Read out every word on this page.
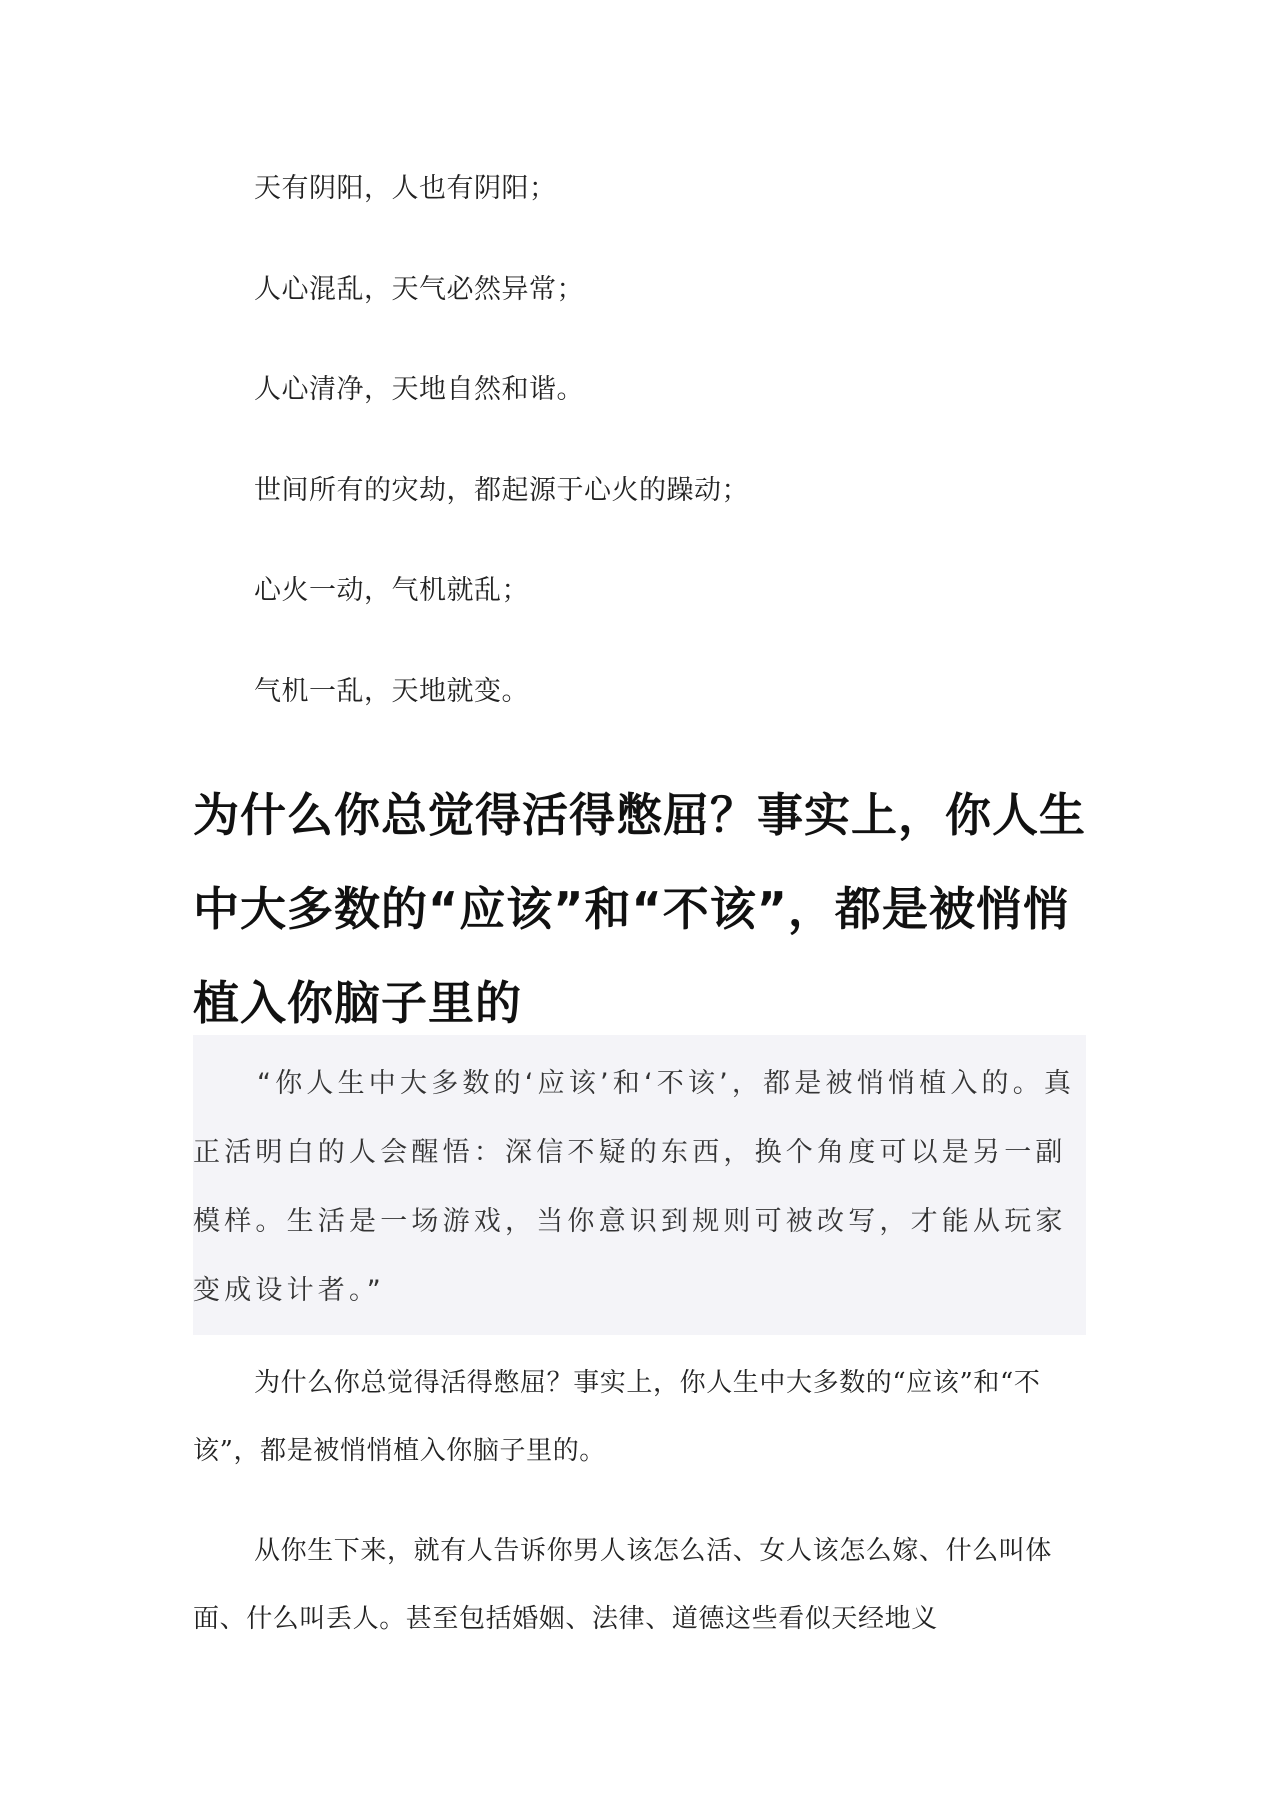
天有阴阳，人也有阴阳；
人心混乱，天气必然异常；
人心清净，天地自然和谐。
世间所有的灾劫，都起源于心火的躁动；
心火一动，气机就乱；
气机一乱，天地就变。
为什么你总觉得活得憋屈？事实上，你人生中大多数的“应该”和“不该”，都是被悄悄植入你脑子里的
“你人生中大多数的‘应该’和‘不该’，都是被悄悄植入的。真正活明白的人会醒悟：深信不疑的东西，换个角度可以是另一副模样。生活是一场游戏，当你意识到规则可被改写，才能从玩家变成设计者。”
为什么你总觉得活得憋屈？事实上，你人生中大多数的“应该”和“不该”，都是被悄悄植入你脑子里的。
从你生下来，就有人告诉你男人该怎么活、女人该怎么嫁、什么叫体面、什么叫丢人。甚至包括婚姻、法律、道德这些看似天经地义
